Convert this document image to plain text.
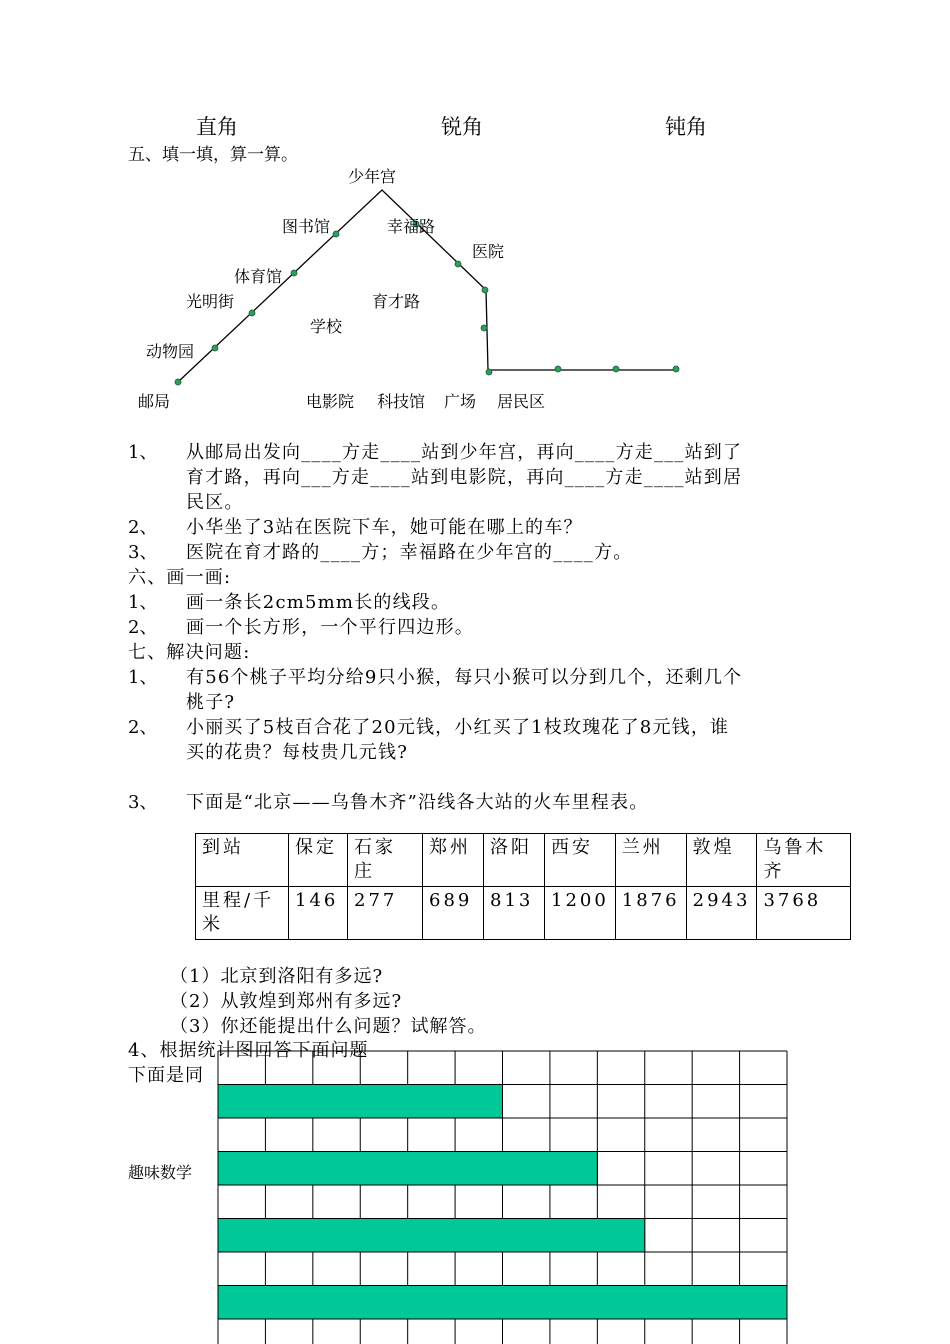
直角	锐角	钝角
五、填一填，算一算。
少年宫
图书馆	幸福路
医院
体育馆
光明街	育才路
学校
动物园
邮局	电影院 科技馆 广场 居民区
1、 从邮局出发向____方走____站到少年宫，再向____方走___站到了
育才路，再向___方走____站到电影院，再向____方走____站到居
民区。
2、 小华坐了3站在医院下车，她可能在哪上的车？
3、 医院在育才路的____方；幸福路在少年宫的____方。
六、画一画:
1、 画一条长2cm5mm长的线段。
2、 画一个长方形，一个平行四边形。
七、解决问题:
1、 有56个桃子平均分给9只小猴，每只小猴可以分到几个，还剩几个
桃子?
2、 小丽买了5枝百合花了20元钱，小红买了1枝玫瑰花了8元钱，谁
买的花贵？每枝贵几元钱?
3、 下面是“北京——乌鲁木齐”沿线各大站的火车里程表。
到站	保定	石家庄	郑州	洛阳	西安	兰州	敦煌	乌鲁木齐
里程/千米	146	277	689	813	1200	1876	2943	3768
（1）北京到洛阳有多远?
（2）从敦煌到郑州有多远?
（3）你还能提出什么问题？试解答。
4、根据统计图回答下面问题
下面是同
趣味数学
